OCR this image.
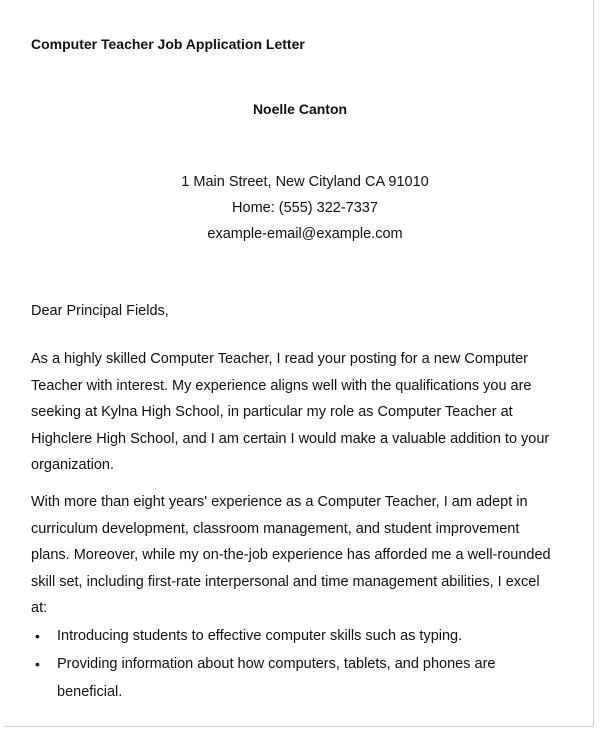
Computer Teacher Job Application Letter
Noelle Canton
1 Main Street, New Cityland CA 91010
Home: (555) 322-7337
example-email@example.com
Dear Principal Fields,

As a highly skilled Computer Teacher, I read your posting for a new Computer Teacher with interest. My experience aligns well with the qualifications you are seeking at Kylna High School, in particular my role as Computer Teacher at Highclere High School, and I am certain I would make a valuable addition to your organization.

With more than eight years' experience as a Computer Teacher, I am adept in curriculum development, classroom management, and student improvement plans. Moreover, while my on-the-job experience has afforded me a well-rounded skill set, including first-rate interpersonal and time management abilities, I excel at:

• Introducing students to effective computer skills such as typing.
• Providing information about how computers, tablets, and phones are beneficial.
